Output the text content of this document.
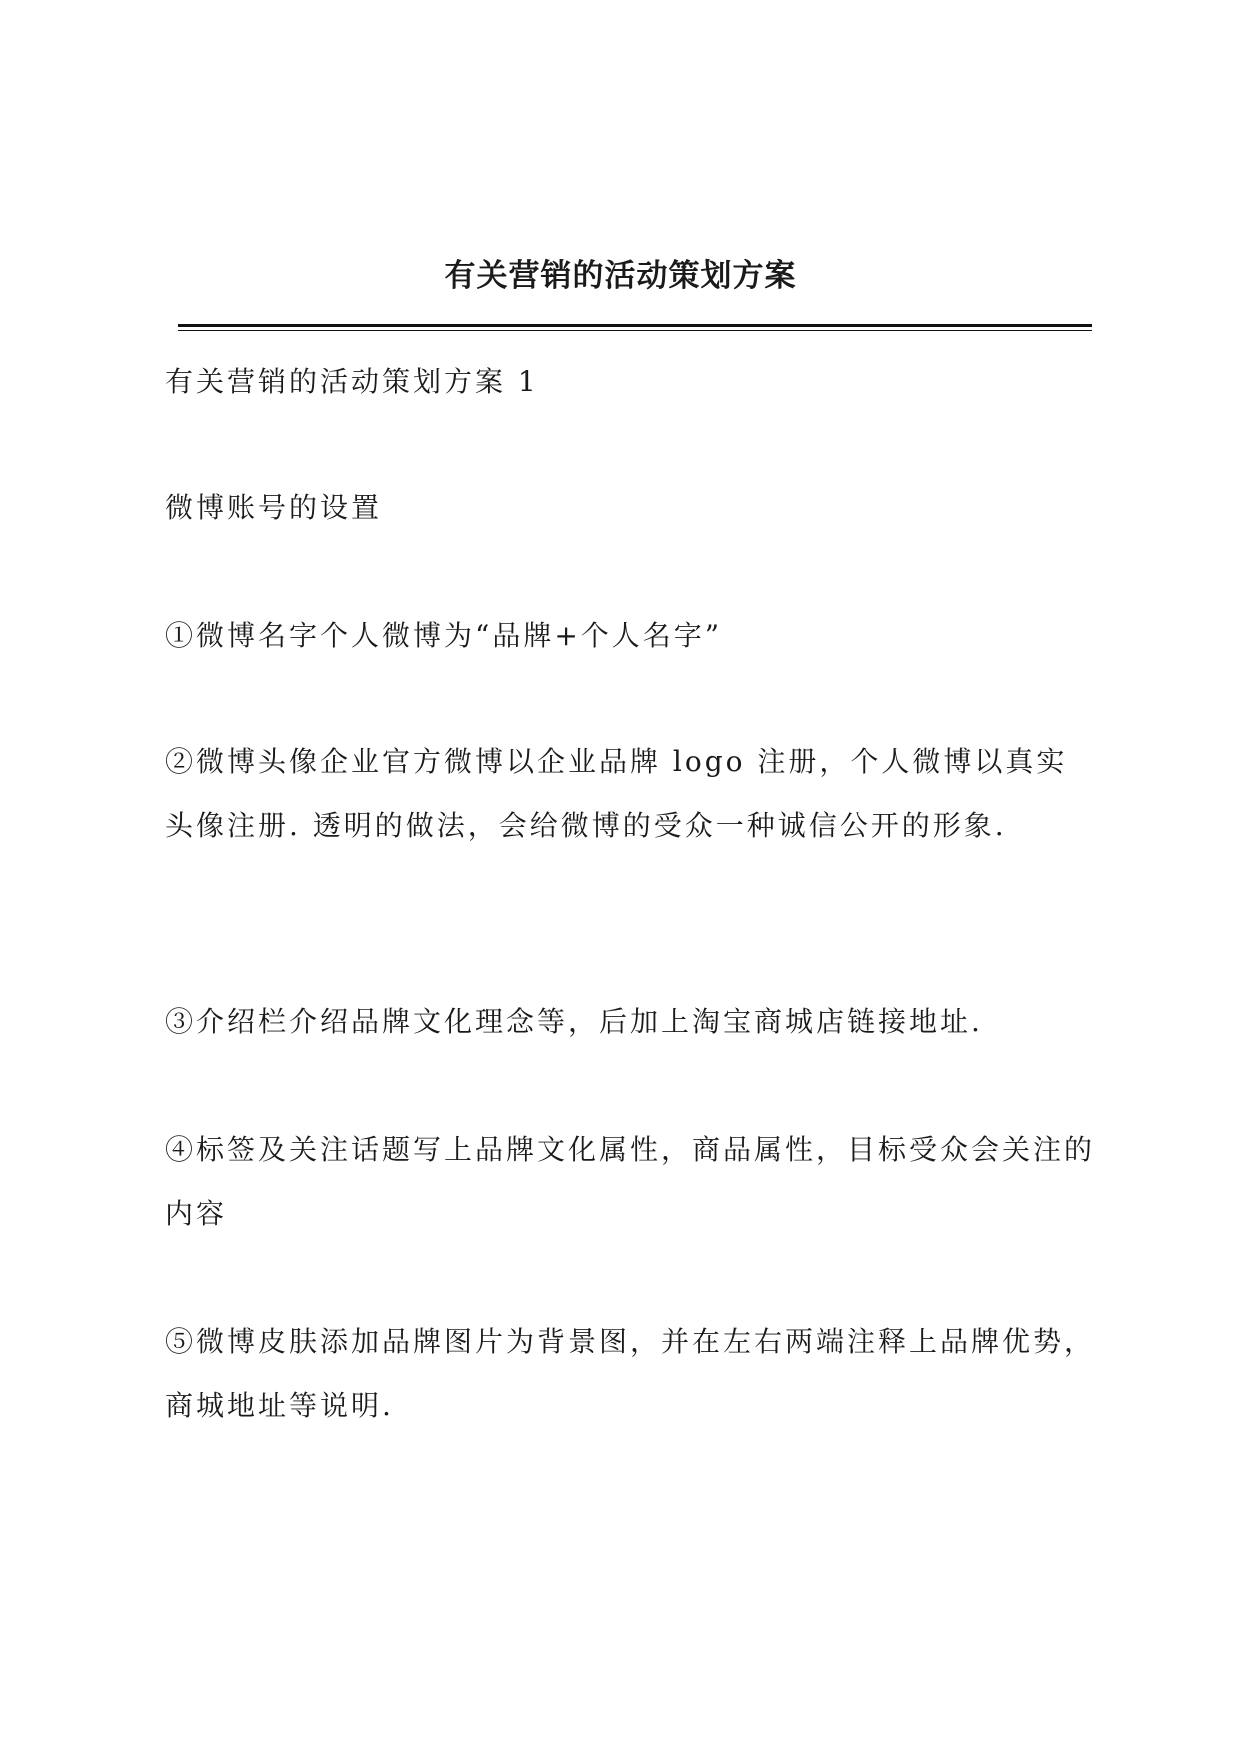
有关营销的活动策划方案

有关营销的活动策划方案 1

微博账号的设置

①微博名字个人微博为“品牌+个人名字”

②微博头像企业官方微博以企业品牌 logo 注册，个人微博以真实头像注册. 透明的做法，会给微博的受众一种诚信公开的形象.

③介绍栏介绍品牌文化理念等，后加上淘宝商城店链接地址.

④标签及关注话题写上品牌文化属性，商品属性，目标受众会关注的内容

⑤微博皮肤添加品牌图片为背景图，并在左右两端注释上品牌优势，商城地址等说明.
